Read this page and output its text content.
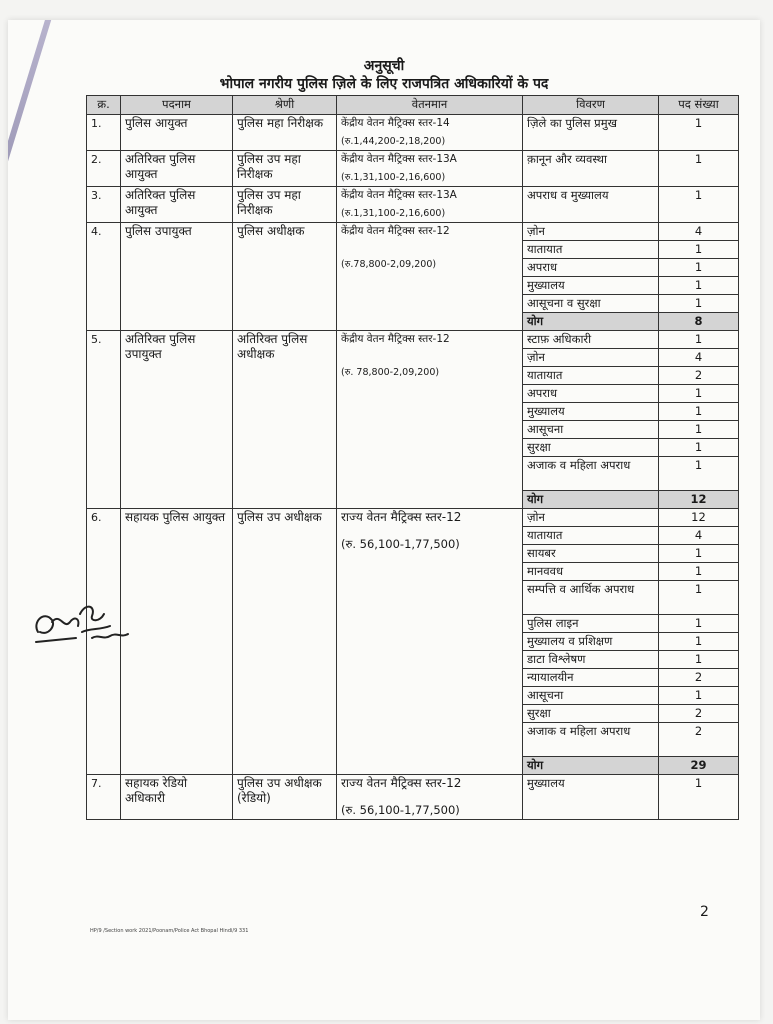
अनुसूची
भोपाल नगरीय पुलिस ज़िले के लिए राजपत्रित अधिकारियों के पद
क्र.	पदनाम	श्रेणी	वेतनमान	विवरण	पद संख्या
1.	पुलिस आयुक्त	पुलिस महा निरीक्षक	केंद्रीय वेतन मैट्रिक्स स्तर-14
(रु.1,44,200-2,18,200)	ज़िले का पुलिस प्रमुख	1
2.	अतिरिक्त पुलिस आयुक्त	पुलिस उप महा निरीक्षक	केंद्रीय वेतन मैट्रिक्स स्तर-13A
(रु.1,31,100-2,16,600)	क़ानून और व्यवस्था	1
3.	अतिरिक्त पुलिस आयुक्त	पुलिस उप महा निरीक्षक	केंद्रीय वेतन मैट्रिक्स स्तर-13A
(रु.1,31,100-2,16,600)	अपराध व मुख्यालय	1
4.	पुलिस उपायुक्त	पुलिस अधीक्षक	केंद्रीय वेतन मैट्रिक्स स्तर-12
(रु.78,800-2,09,200)	ज़ोन	4
				यातायात	1
				अपराध	1
				मुख्यालय	1
				आसूचना व सुरक्षा	1
				योग	8
5.	अतिरिक्त पुलिस उपायुक्त	अतिरिक्त पुलिस अधीक्षक	केंद्रीय वेतन मैट्रिक्स स्तर-12
(रु. 78,800-2,09,200)	स्टाफ़ अधिकारी	1
				ज़ोन	4
				यातायात	2
				अपराध	1
				मुख्यालय	1
				आसूचना	1
				सुरक्षा	1
				अजाक व महिला अपराध	1
				योग	12
6.	सहायक पुलिस आयुक्त	पुलिस उप अधीक्षक	राज्य वेतन मैट्रिक्स स्तर-12
(रु. 56,100-1,77,500)	ज़ोन	12
				यातायात	4
				सायबर	1
				मानववध	1
				सम्पत्ति व आर्थिक अपराध	1
				पुलिस लाइन	1
				मुख्यालय व प्रशिक्षण	1
				डाटा विश्लेषण	1
				न्यायालयीन	2
				आसूचना	1
				सुरक्षा	2
				अजाक व महिला अपराध	2
				योग	29
7.	सहायक रेडियो अधिकारी	पुलिस उप अधीक्षक (रेडियो)	राज्य वेतन मैट्रिक्स स्तर-12
(रु. 56,100-1,77,500)	मुख्यालय	1
2
HP/9 /Section work 2021/Poonam/Police Act Bhopal Hindi/9 331
